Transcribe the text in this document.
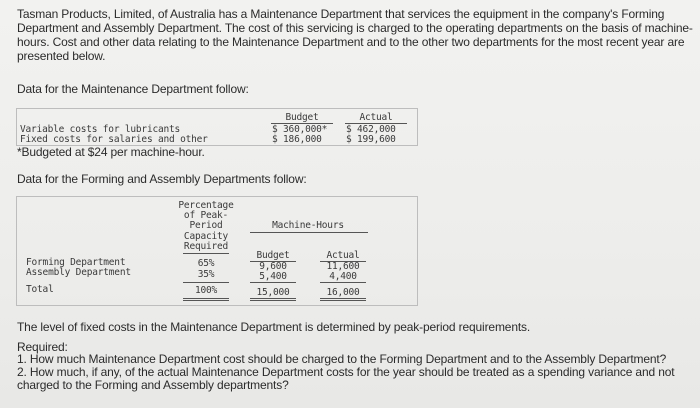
Tasman Products, Limited, of Australia has a Maintenance Department that services the equipment in the company's Forming Department and Assembly Department. The cost of this servicing is charged to the operating departments on the basis of machine-hours. Cost and other data relating to the Maintenance Department and to the other two departments for the most recent year are presented below.
Data for the Maintenance Department follow:
Budget	Actual
Variable costs for lubricants	$ 360,000* $ 462,000
Fixed costs for salaries and other	$ 186,000	$ 199,600
*Budgeted at $24 per machine-hour.
Data for the Forming and Assembly Departments follow:
Percentage
of Peak-
Period
Capacity
Required
Machine-Hours
Budget	Actual
Forming Department	65%	9,600	11,600
Assembly Department	35%	5,400	4,400
Total	100%	15,000	16,000
The level of fixed costs in the Maintenance Department is determined by peak-period requirements.
Required:
1. How much Maintenance Department cost should be charged to the Forming Department and to the Assembly Department?
2. How much, if any, of the actual Maintenance Department costs for the year should be treated as a spending variance and not charged to the Forming and Assembly departments?
